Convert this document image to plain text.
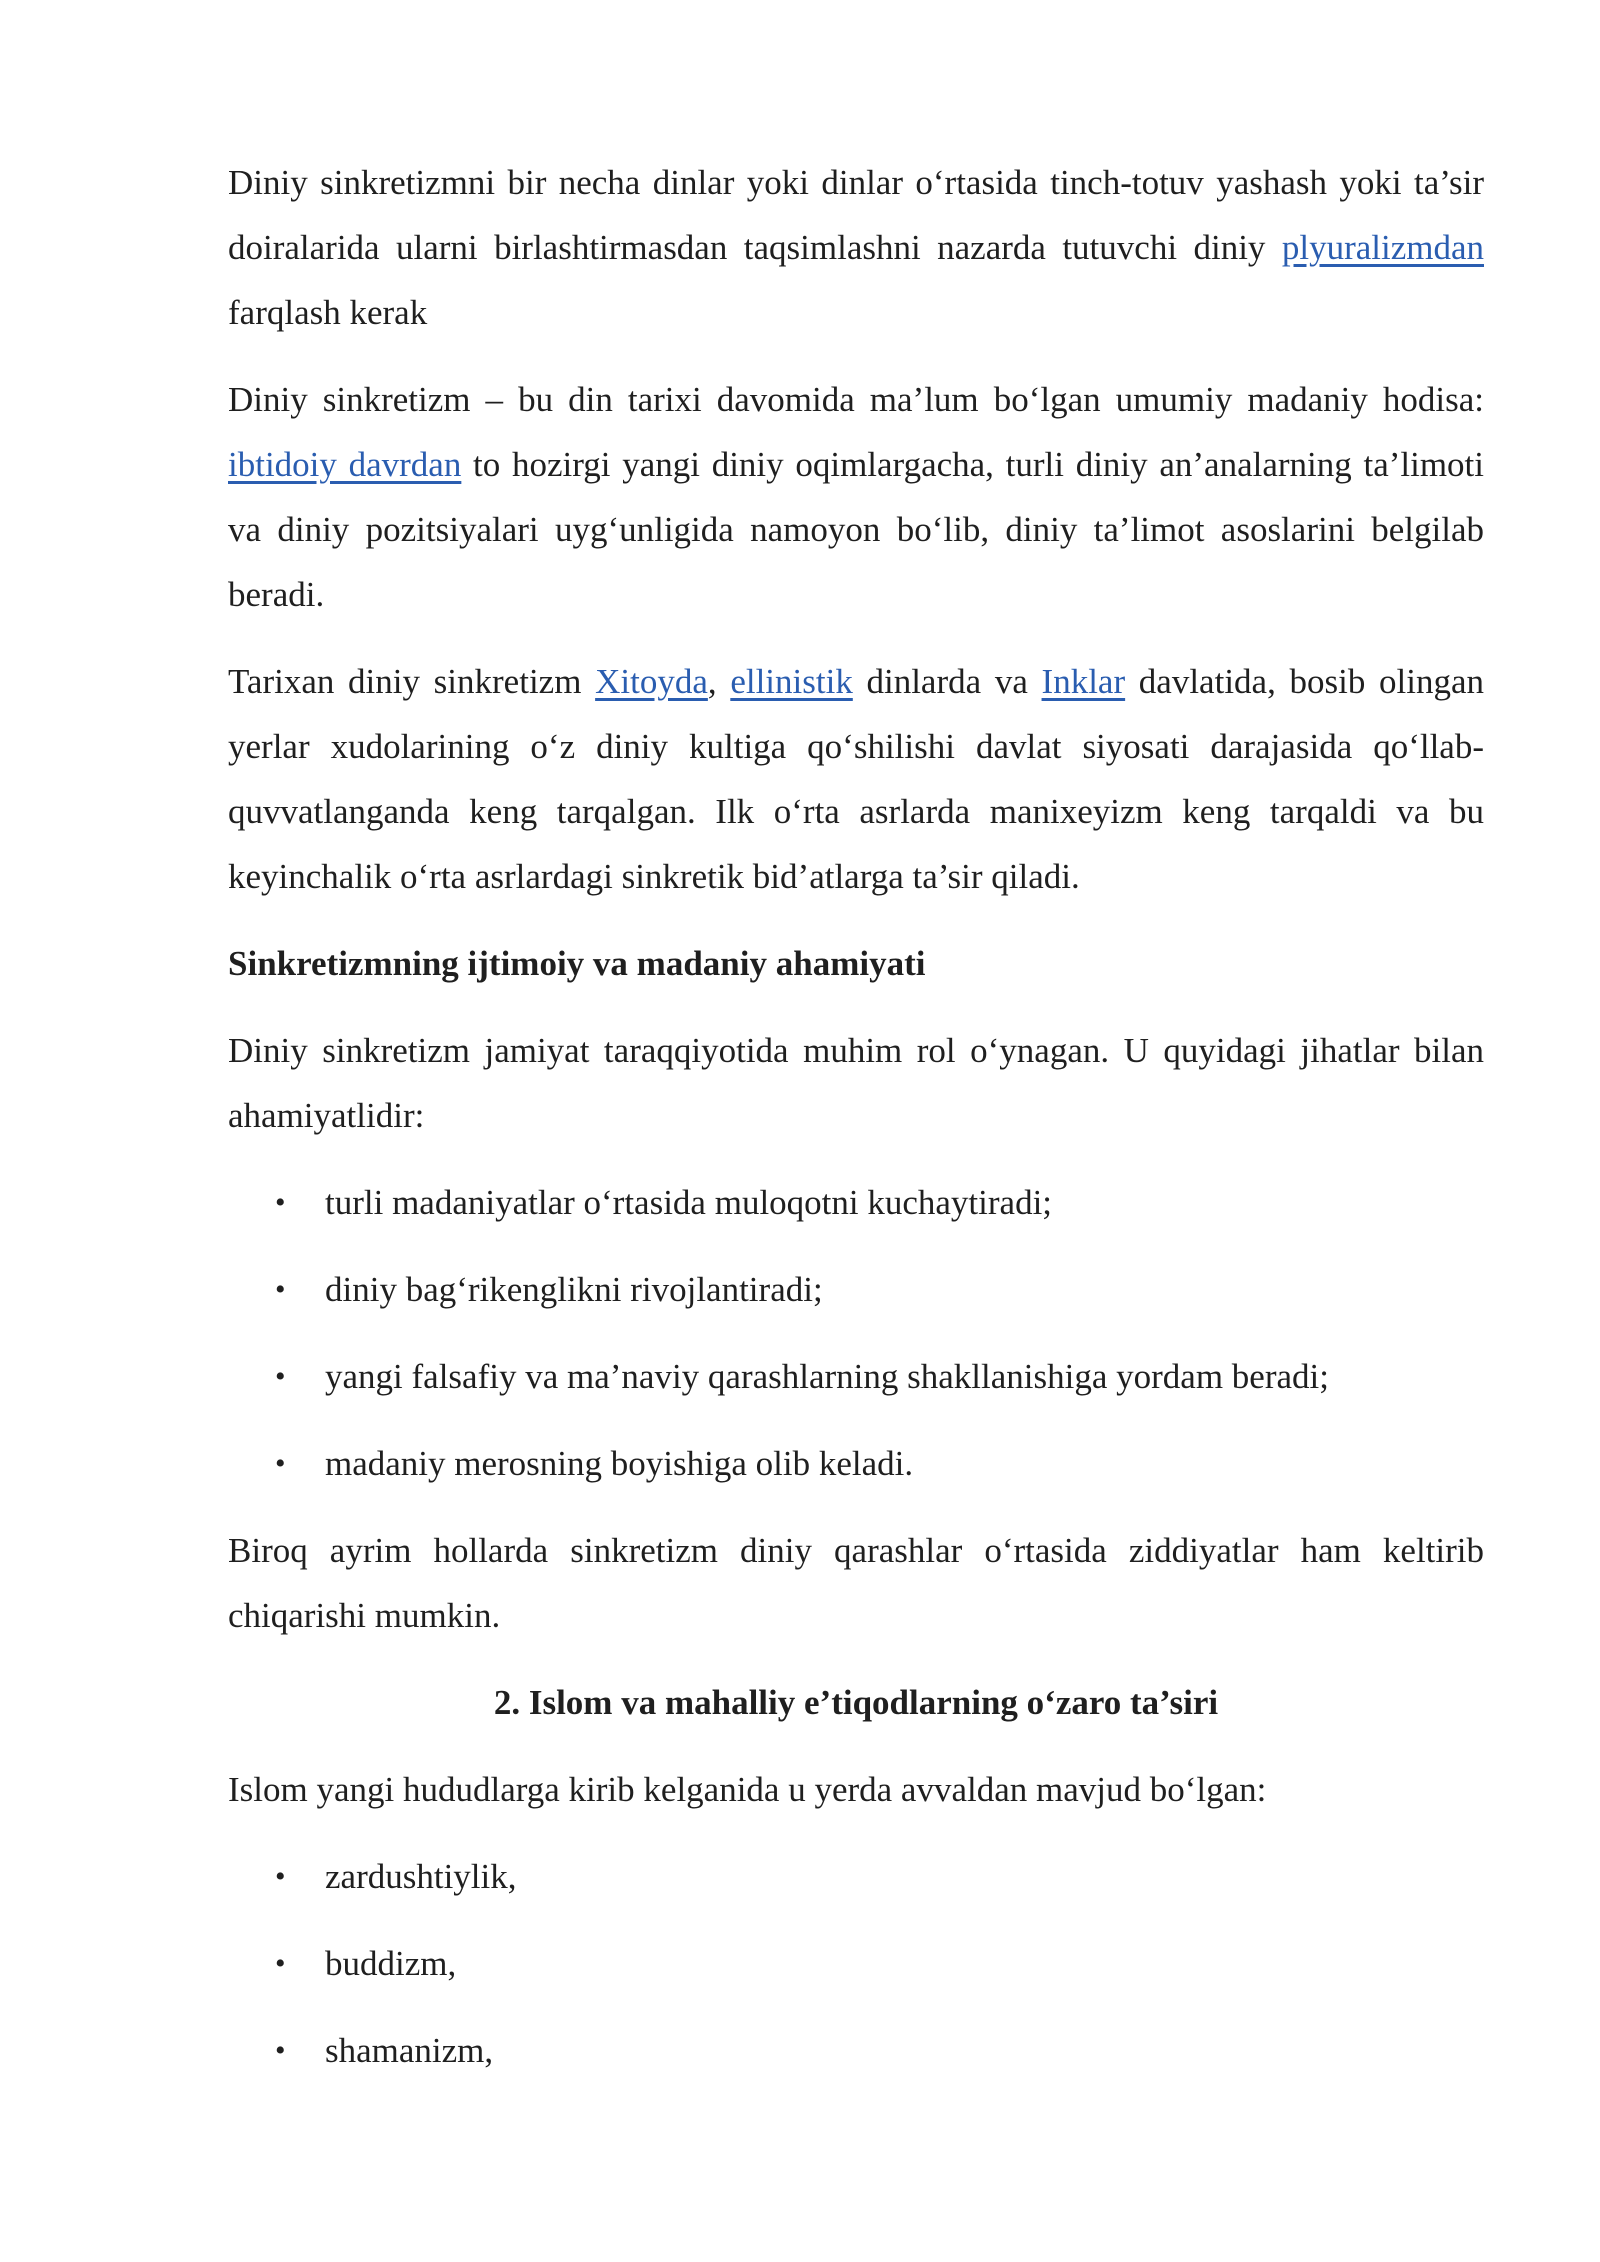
Diniy sinkretizmni bir necha dinlar yoki dinlar o‘rtasida tinch-totuv yashash yoki ta’sir doiralarida ularni birlashtirmasdan taqsimlashni nazarda tutuvchi diniy plyuralizmdan farqlash kerak

Diniy sinkretizm – bu din tarixi davomida ma’lum bo‘lgan umumiy madaniy hodisa: ibtidoiy davrdan to hozirgi yangi diniy oqimlargacha, turli diniy an’analarning ta’limoti va diniy pozitsiyalari uyg‘unligida namoyon bo‘lib, diniy ta’limot asoslarini belgilab beradi.

Tarixan diniy sinkretizm Xitoyda, ellinistik dinlarda va Inklar davlatida, bosib olingan yerlar xudolarining o‘z diniy kultiga qo‘shilishi davlat siyosati darajasida qo‘llab-quvvatlanganda keng tarqalgan. Ilk o‘rta asrlarda manixeyizm keng tarqaldi va bu keyinchalik o‘rta asrlardagi sinkretik bid’atlarga ta’sir qiladi.

Sinkretizmning ijtimoiy va madaniy ahamiyati

Diniy sinkretizm jamiyat taraqqiyotida muhim rol o‘ynagan. U quyidagi jihatlar bilan ahamiyatlidir:

• turli madaniyatlar o‘rtasida muloqotni kuchaytiradi;
• diniy bag‘rikenglikni rivojlantiradi;
• yangi falsafiy va ma’naviy qarashlarning shakllanishiga yordam beradi;
• madaniy merosning boyishiga olib keladi.

Biroq ayrim hollarda sinkretizm diniy qarashlar o‘rtasida ziddiyatlar ham keltirib chiqarishi mumkin.

2. Islom va mahalliy e’tiqodlarning o‘zaro ta’siri

Islom yangi hududlarga kirib kelganida u yerda avvaldan mavjud bo‘lgan:

• zardushtiylik,
• buddizm,
• shamanizm,
